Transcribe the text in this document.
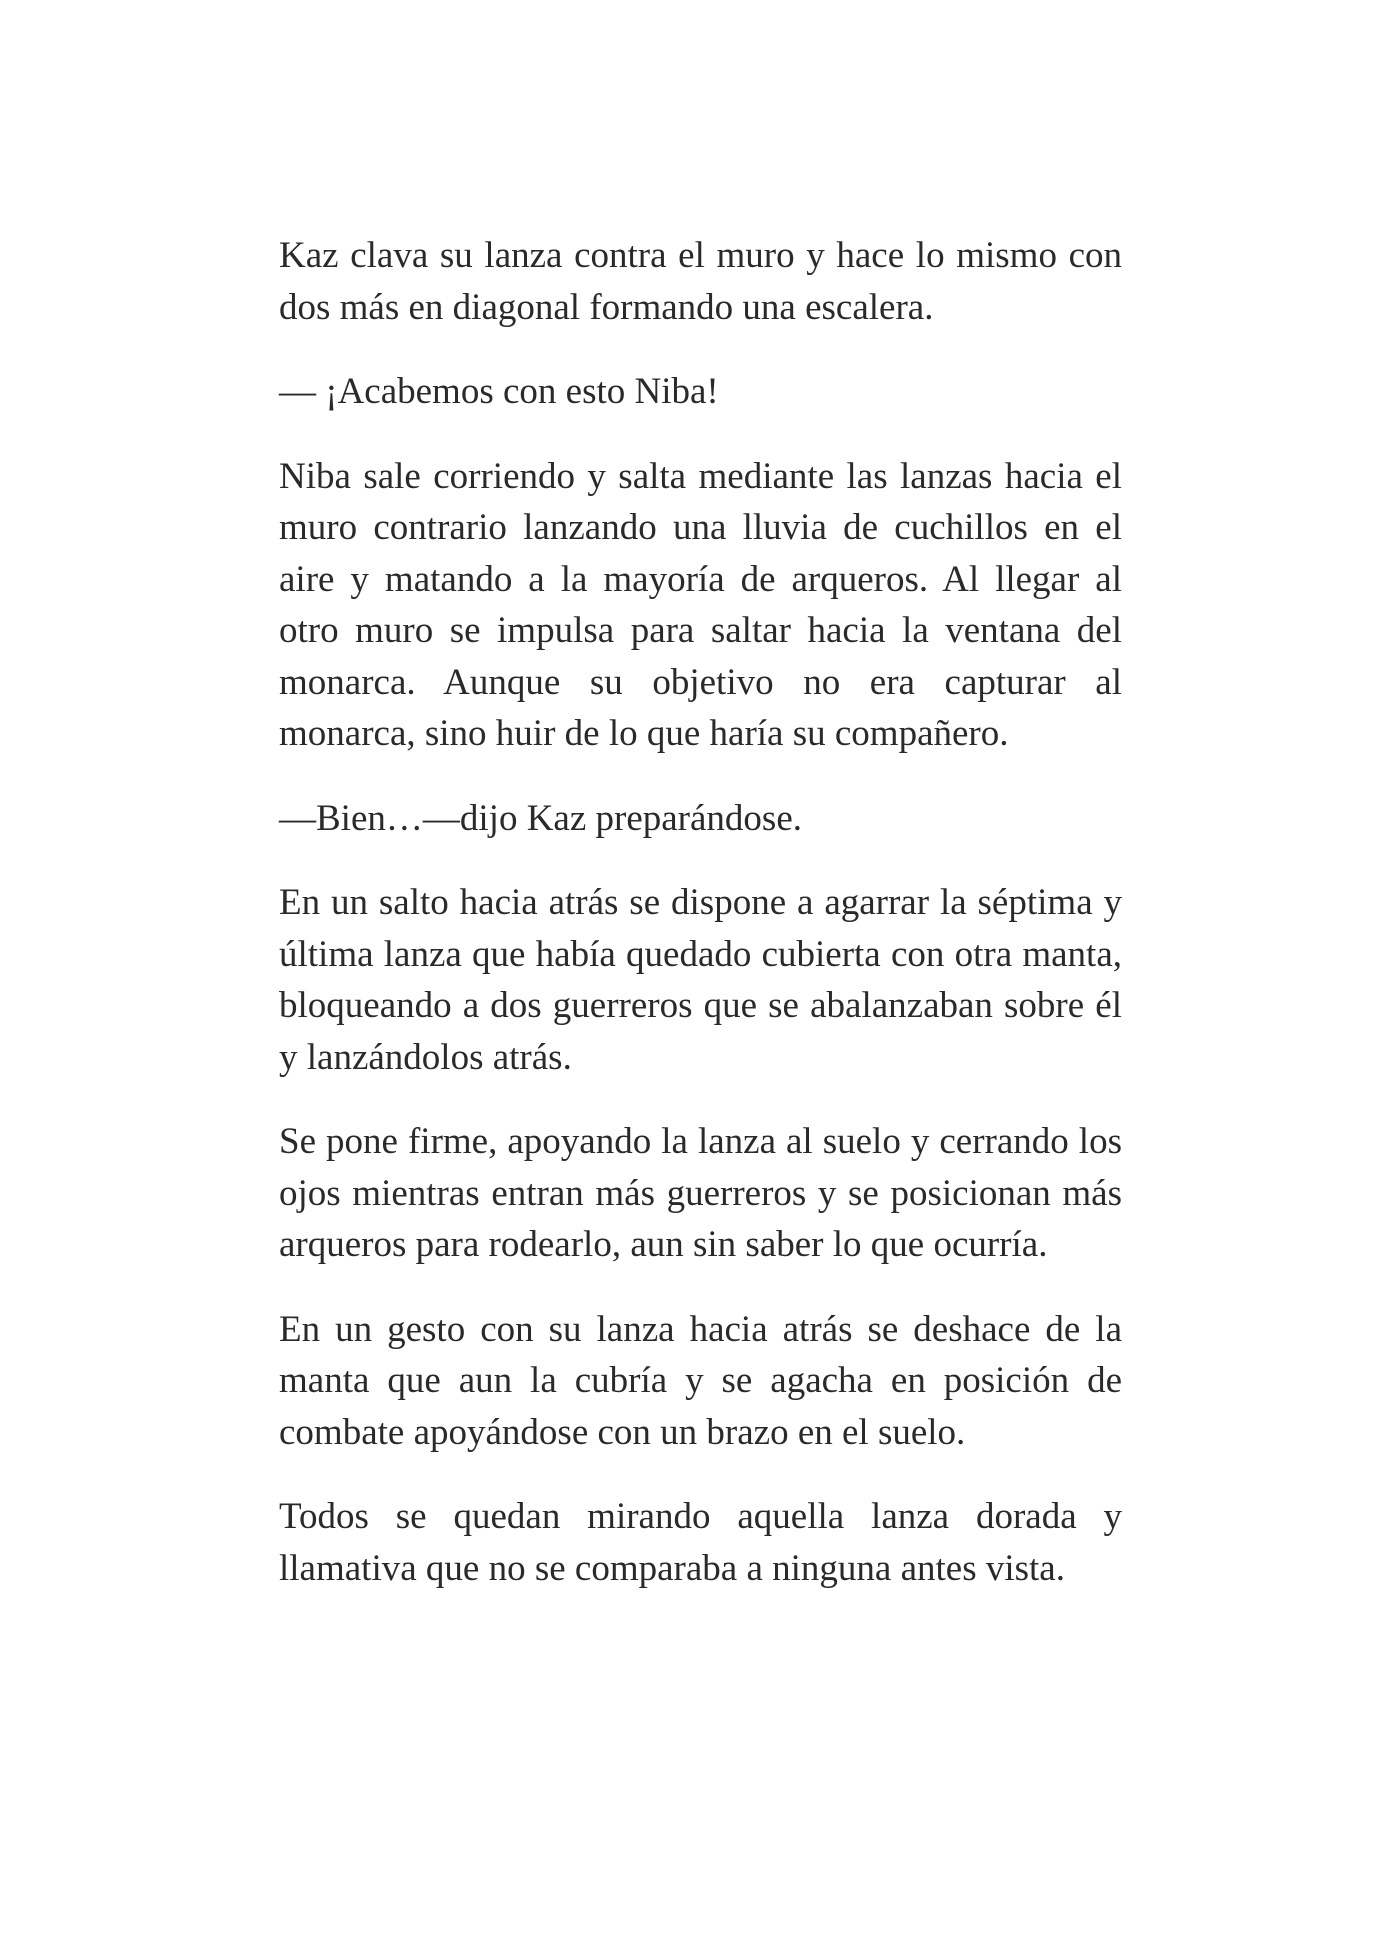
Kaz clava su lanza contra el muro y hace lo mismo con dos más en diagonal formando una escalera.

— ¡Acabemos con esto Niba!

Niba sale corriendo y salta mediante las lanzas hacia el muro contrario lanzando una lluvia de cuchillos en el aire y matando a la mayoría de arqueros. Al llegar al otro muro se impulsa para saltar hacia la ventana del monarca. Aunque su objetivo no era capturar al monarca, sino huir de lo que haría su compañero.

—Bien…—dijo Kaz preparándose.

En un salto hacia atrás se dispone a agarrar la séptima y última lanza que había quedado cubierta con otra manta, bloqueando a dos guerreros que se abalanzaban sobre él y lanzándolos atrás.

Se pone firme, apoyando la lanza al suelo y cerrando los ojos mientras entran más guerreros y se posicionan más arqueros para rodearlo, aun sin saber lo que ocurría.

En un gesto con su lanza hacia atrás se deshace de la manta que aun la cubría y se agacha en posición de combate apoyándose con un brazo en el suelo.

Todos se quedan mirando aquella lanza dorada y llamativa que no se comparaba a ninguna antes vista.
